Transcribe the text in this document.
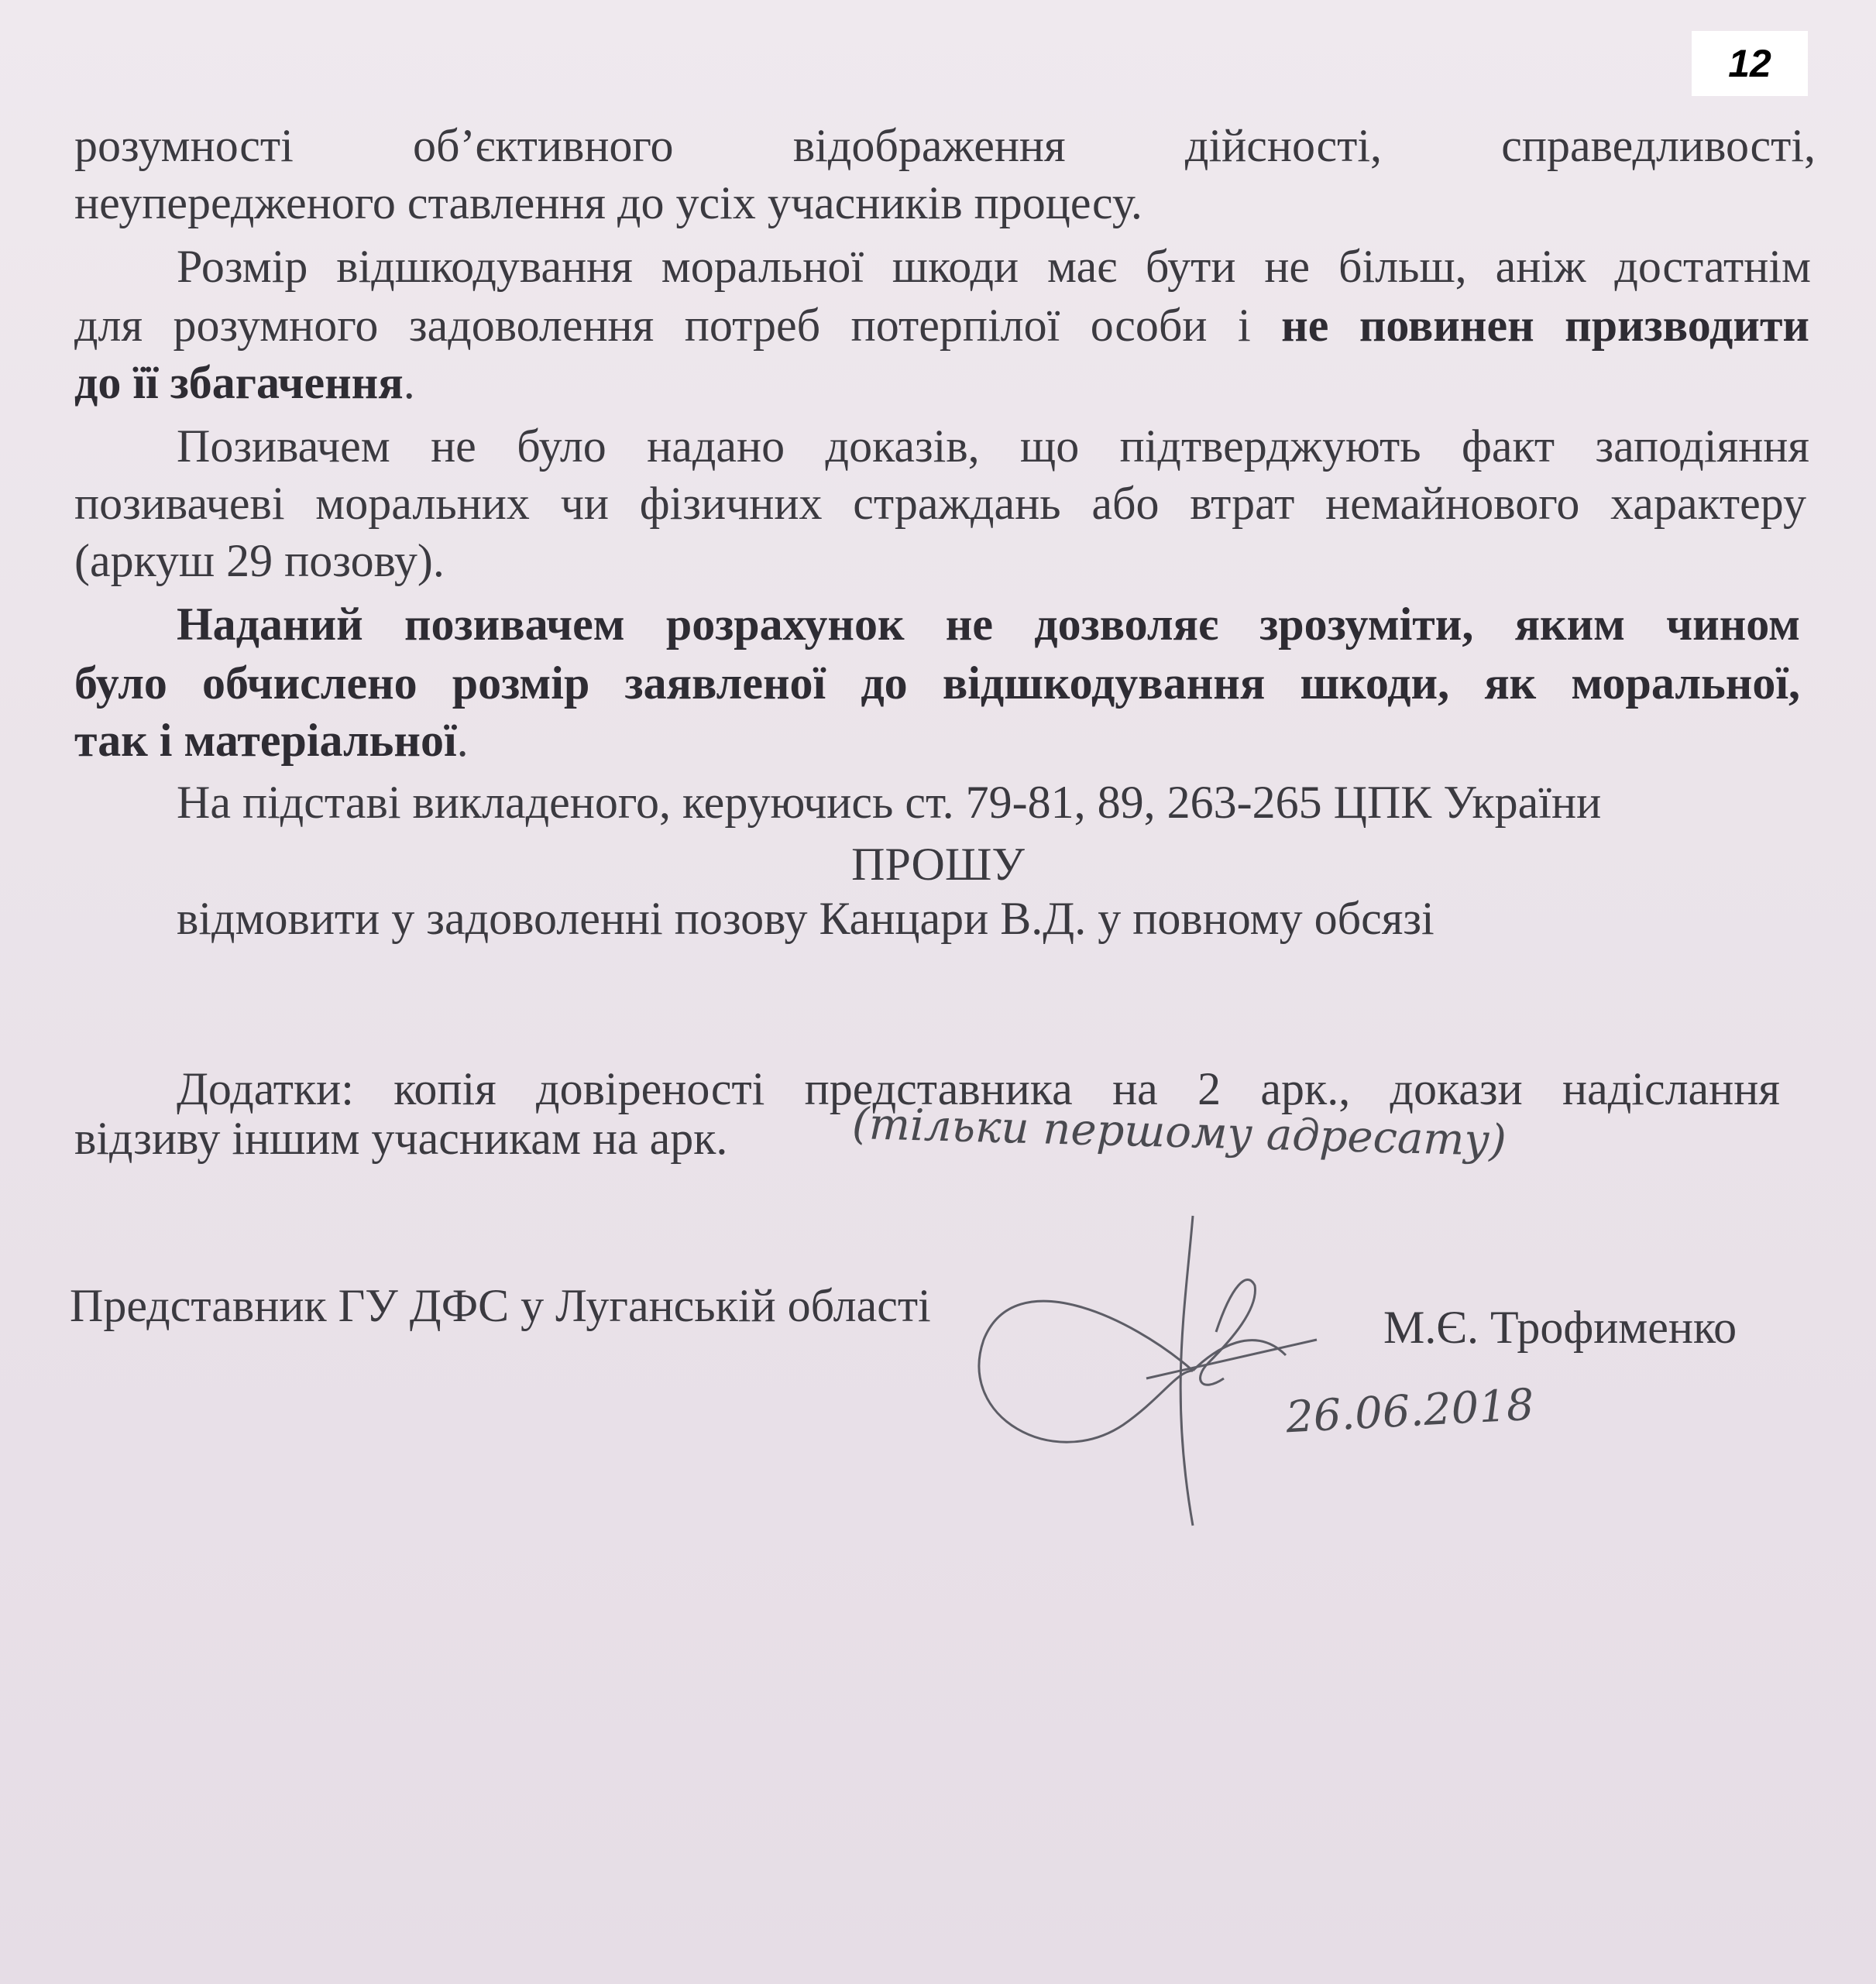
12
розумності об’єктивного відображення дійсності, справедливості,
неупередженого ставлення до усіх учасників процесу.
Розмір відшкодування моральної шкоди має бути не більш, аніж достатнім
для розумного задоволення потреб потерпілої особи і не повинен призводити
до її збагачення.
Позивачем не було надано доказів, що підтверджують факт заподіяння
позивачеві моральних чи фізичних страждань або втрат немайнового характеру
(аркуш 29 позову).
Наданий позивачем розрахунок не дозволяє зрозуміти, яким чином
було обчислено розмір заявленої до відшкодування шкоди, як моральної,
так і матеріальної.
На підставі викладеного, керуючись ст. 79-81, 89, 263-265 ЦПК України
ПРОШУ
відмовити у задоволенні позову Канцари В.Д. у повному обсязі
Додатки: копія довіреності представника на 2 арк., докази надіслання
відзиву іншим учасникам на арк.	(тільки першому адресату)
Представник ГУ ДФС у Луганській області	М.Є. Трофименко
26.06.2018
